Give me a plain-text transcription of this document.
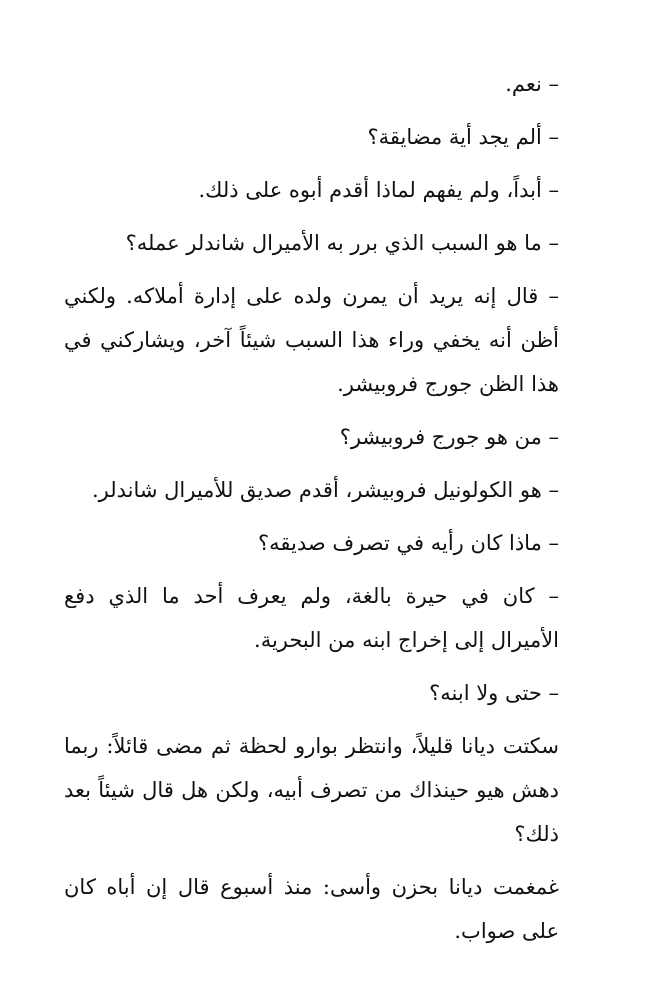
– نعم.

– ألم يجد أية مضايقة؟

– أبداً، ولم يفهم لماذا أقدم أبوه على ذلك.

– ما هو السبب الذي برر به الأميرال شاندلر عمله؟

– قال إنه يريد أن يمرن ولده على إدارة أملاكه. ولكني أظن أنه يخفي وراء هذا السبب شيئاً آخر، ويشاركني في هذا الظن جورج فروبيشر.

– من هو جورج فروبيشر؟

– هو الكولونيل فروبيشر، أقدم صديق للأميرال شاندلر.

– ماذا كان رأيه في تصرف صديقه؟

– كان في حيرة بالغة، ولم يعرف أحد ما الذي دفع الأميرال إلى إخراج ابنه من البحرية.

– حتى ولا ابنه؟

سكتت ديانا قليلاً، وانتظر بوارو لحظة ثم مضى قائلاً: ربما دهش هيو حينذاك من تصرف أبيه، ولكن هل قال شيئاً بعد ذلك؟

غمغمت ديانا بحزن وأسى: منذ أسبوع قال إن أباه كان على صواب.
